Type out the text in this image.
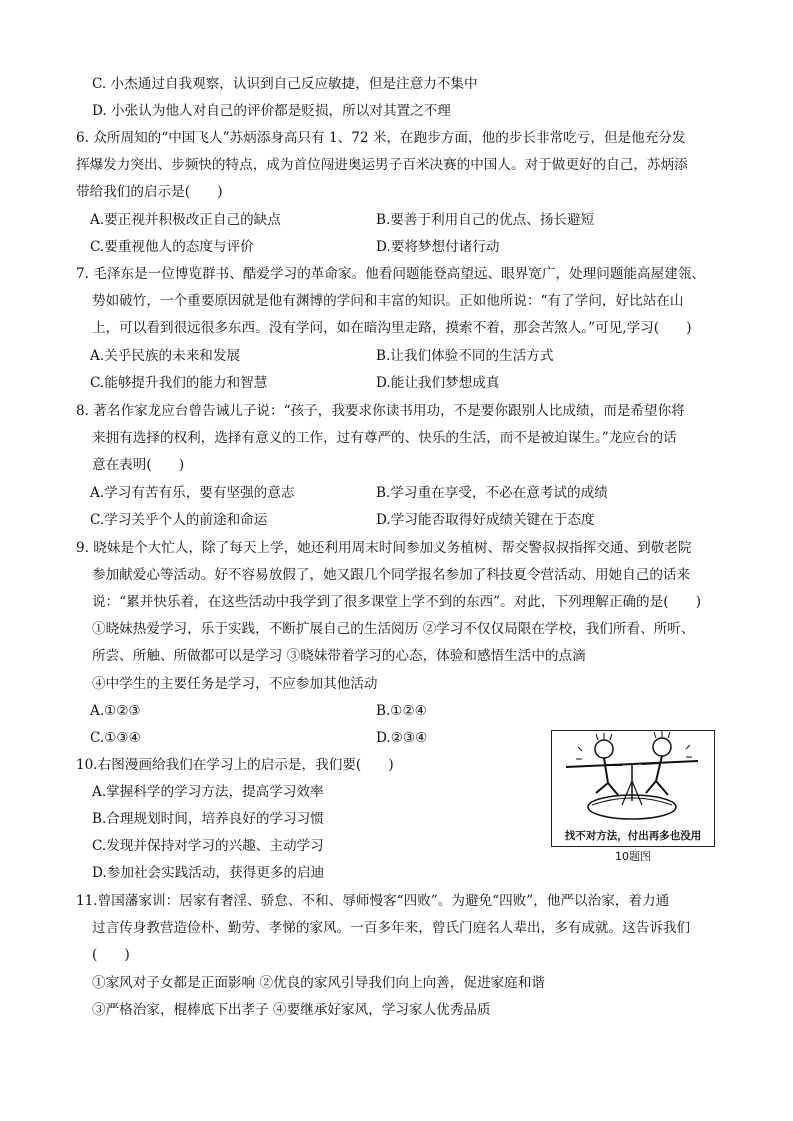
C. 小杰通过自我观察，认识到自己反应敏捷，但是注意力不集中
D. 小张认为他人对自己的评价都是贬损，所以对其置之不理
6. 众所周知的“中国飞人”苏炳添身高只有 1、72 米，在跑步方面，他的步长非常吃亏，但是他充分发
挥爆发力突出、步频快的特点，成为首位闯进奥运男子百米决赛的中国人。对于做更好的自己，苏炳添
带给我们的启示是(　　)
A.要正视并积极改正自己的缺点	B.要善于利用自己的优点、扬长避短
C.要重视他人的态度与评价	D.要将梦想付诸行动
7. 毛泽东是一位博览群书、酷爱学习的革命家。他看问题能登高望远、眼界宽广，处理问题能高屋建瓴、
势如破竹，一个重要原因就是他有渊博的学问和丰富的知识。正如他所说：“有了学问，好比站在山
上，可以看到很远很多东西。没有学问，如在暗沟里走路，摸索不着，那会苦煞人。”可见,学习(　　)
A.关乎民族的未来和发展	B.让我们体验不同的生活方式
C.能够提升我们的能力和智慧	D.能让我们梦想成真
8. 著名作家龙应台曾告诫儿子说：“孩子，我要求你读书用功，不是要你跟别人比成绩，而是希望你将
来拥有选择的权利，选择有意义的工作，过有尊严的、快乐的生活，而不是被迫谋生。”龙应台的话
意在表明(　　)
A.学习有苦有乐，要有坚强的意志	B.学习重在享受，不必在意考试的成绩
C.学习关乎个人的前途和命运	D.学习能否取得好成绩关键在于态度
9. 晓妹是个大忙人，除了每天上学，她还利用周末时间参加义务植树、帮交警叔叔指挥交通、到敬老院
参加献爱心等活动。好不容易放假了，她又跟几个同学报名参加了科技夏令营活动、用她自己的话来
说：“累并快乐着，在这些活动中我学到了很多课堂上学不到的东西”。对此，下列理解正确的是(　　)
①晓妹热爱学习，乐于实践，不断扩展自己的生活阅历 ②学习不仅仅局限在学校，我们所看、所听、
所尝、所触、所做都可以是学习 ③晓妹带着学习的心态，体验和感悟生活中的点滴
④中学生的主要任务是学习，不应参加其他活动
A.①②③	B.①②④
C.①③④	D.②③④
10.右图漫画给我们在学习上的启示是，我们要(　　)
A.掌握科学的学习方法，提高学习效率
B.合理规划时间，培养良好的学习习惯
C.发现并保持对学习的兴趣、主动学习
D.参加社会实践活动，获得更多的启迪
找不对方法，付出再多也没用
10题图
11.曾国藩家训：居家有奢淫、骄怠、不和、辱师慢客“四败”。为避免“四败”，他严以治家，着力通
过言传身教营造俭朴、勤劳、孝悌的家风。一百多年来，曾氏门庭名人辈出，多有成就。这告诉我们
(　　)
①家风对子女都是正面影响 ②优良的家风引导我们向上向善，促进家庭和谐
③严格治家，棍棒底下出孝子 ④要继承好家风，学习家人优秀品质
